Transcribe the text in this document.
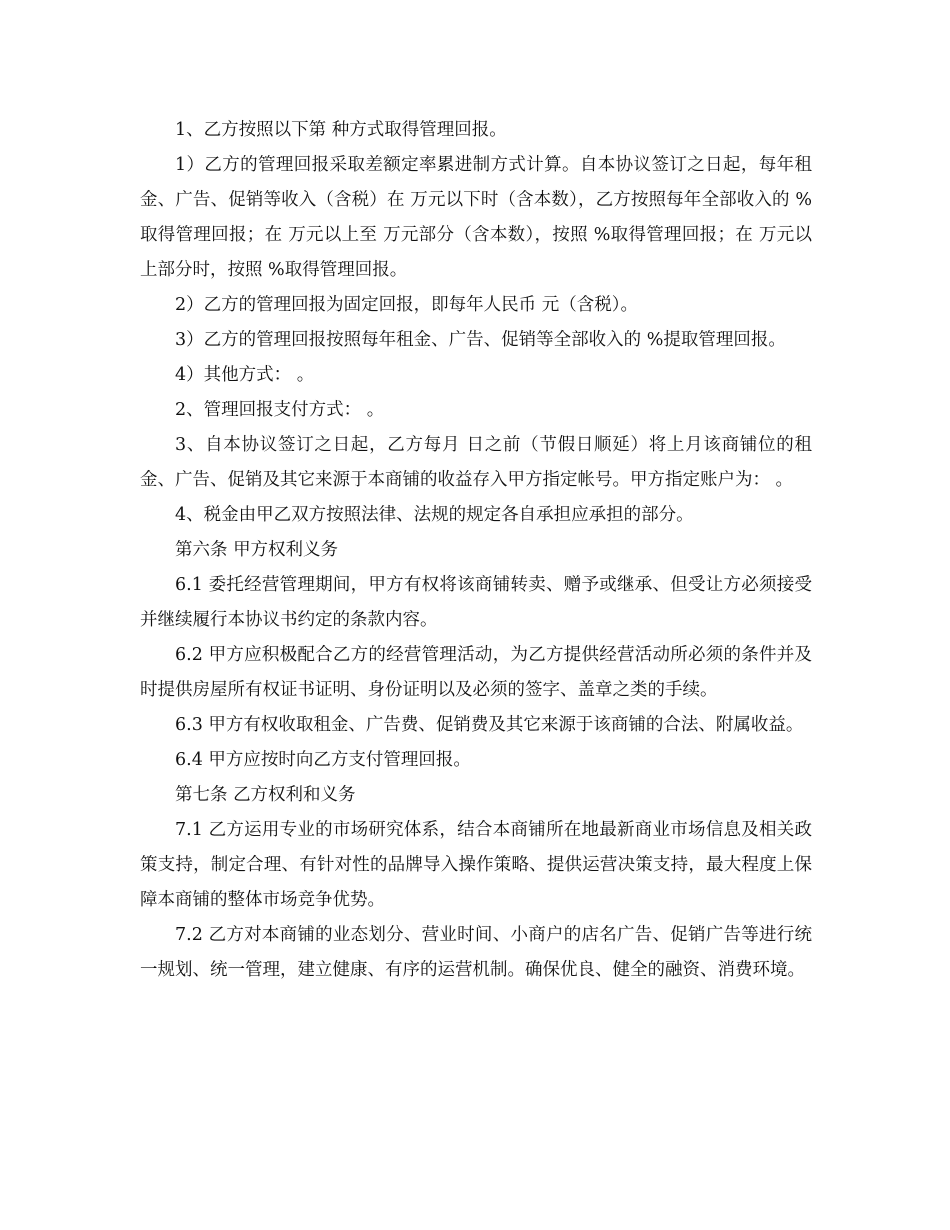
1、乙方按照以下第 种方式取得管理回报。

1）乙方的管理回报采取差额定率累进制方式计算。自本协议签订之日起，每年租金、广告、促销等收入（含税）在 万元以下时（含本数），乙方按照每年全部收入的 %取得管理回报；在 万元以上至 万元部分（含本数），按照 %取得管理回报；在 万元以上部分时，按照 %取得管理回报。

2）乙方的管理回报为固定回报，即每年人民币 元（含税）。

3）乙方的管理回报按照每年租金、广告、促销等全部收入的 %提取管理回报。

4）其他方式： 。

2、管理回报支付方式： 。

3、自本协议签订之日起，乙方每月 日之前（节假日顺延）将上月该商铺位的租金、广告、促销及其它来源于本商铺的收益存入甲方指定帐号。甲方指定账户为： 。

4、税金由甲乙双方按照法律、法规的规定各自承担应承担的部分。

第六条 甲方权利义务

6.1 委托经营管理期间，甲方有权将该商铺转卖、赠予或继承、但受让方必须接受并继续履行本协议书约定的条款内容。

6.2 甲方应积极配合乙方的经营管理活动，为乙方提供经营活动所必须的条件并及时提供房屋所有权证书证明、身份证明以及必须的签字、盖章之类的手续。

6.3 甲方有权收取租金、广告费、促销费及其它来源于该商铺的合法、附属收益。

6.4 甲方应按时向乙方支付管理回报。

第七条 乙方权利和义务

7.1 乙方运用专业的市场研究体系，结合本商铺所在地最新商业市场信息及相关政策支持，制定合理、有针对性的品牌导入操作策略、提供运营决策支持，最大程度上保障本商铺的整体市场竞争优势。

7.2 乙方对本商铺的业态划分、营业时间、小商户的店名广告、促销广告等进行统一规划、统一管理，建立健康、有序的运营机制。确保优良、健全的融资、消费环境。
